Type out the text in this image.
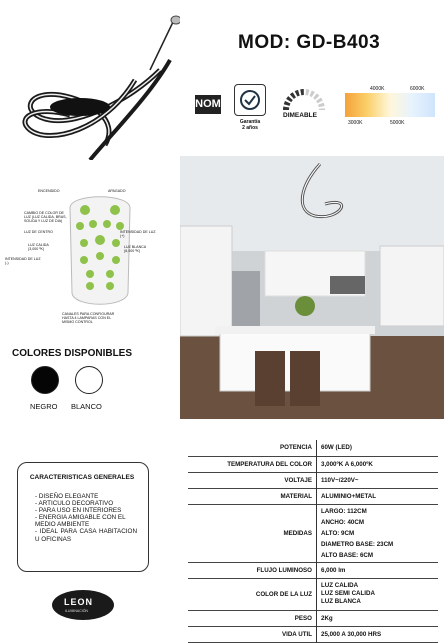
MOD: GD-B403
NOM
Garantía
2 años
DIMEABLE
4000K	6000K
3000K	5000K
ENCENDIDO	APAGADO
CAMBIO DE COLOR DE LUZ (LUZ CALIDA, BRAS, SOLIDA Y LUZ DE DIA)
LUZ DE CENTRO	INTENSIDAD DE LUZ (+)
LUZ CALIDA (3,000 ºK)	LUZ BLANCA (6,000 ºK)
INTENSIDAD DE LUZ (-)
CANALES PARA CONFIGURAR HASTA 4 LAMPARAS CON EL MISMO CONTROL
COLORES DISPONIBLES
NEGRO BLANCO
CARACTERISTICAS GENERALES
- DISEÑO ELEGANTE
- ARTICULO DECORATIVO
- PARA USO EN INTERIORES
- ENERGIA AMIGABLE CON EL MEDIO AMBIENTE
- IDEAL PARA CASA HABITACION U OFICINAS
LEON
ILUMINACIÓN
POTENCIA	60W (LED)
TEMPERATURA DEL COLOR	3,000ºK A 6,000ºK
VOLTAJE	110V~/220V~
MATERIAL	ALUMINIO+METAL
MEDIDAS	LARGO: 112CM
ANCHO: 40CM
ALTO: 9CM
DIAMETRO BASE: 23CM
ALTO BASE: 6CM
FLUJO LUMINOSO	6,000 lm
COLOR DE LA LUZ	LUZ CALIDA
LUZ SEMI CALIDA
LUZ BLANCA
PESO	2Kg
VIDA UTIL	25,000 A 30,000 HRS
